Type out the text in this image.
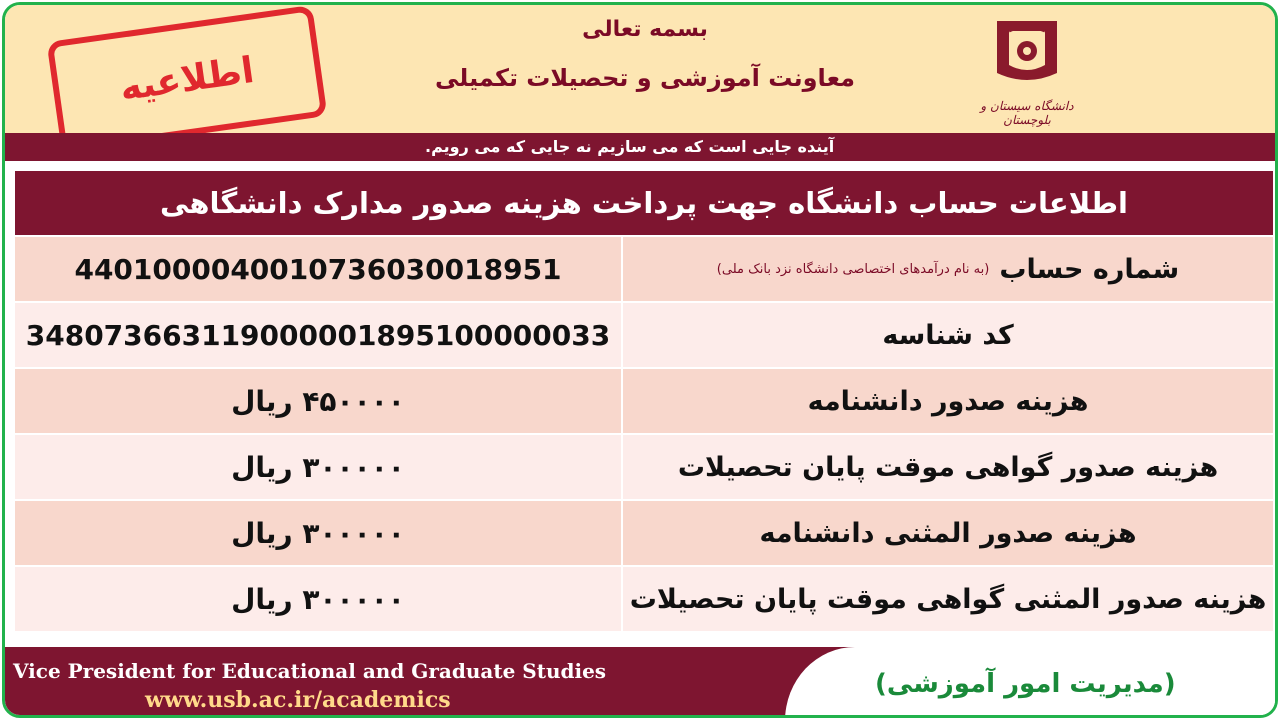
اطلاعیه
بسمه تعالی
معاونت آموزشی و تحصیلات تکمیلی
دانشگاه سیستان و بلوچستان
آینده جایی است که می سازیم نه جایی که می رویم.
اطلاعات حساب دانشگاه جهت پرداخت هزینه صدور مدارک دانشگاهی
4401000040010736030018951	شماره حساب
(به نام درآمدهای اختصاصی دانشگاه نزد بانک ملی)
348073663119000001895100000033	کد شناسه
۴۵۰۰۰۰ ریال	هزینه صدور دانشنامه
۳۰۰۰۰۰ ریال	هزینه صدور گواهی موقت پایان تحصیلات
۳۰۰۰۰۰ ریال	هزینه صدور المثنی دانشنامه
۳۰۰۰۰۰ ریال	هزینه صدور المثنی گواهی موقت پایان تحصیلات
Vice President for Educational and Graduate Studies
www.usb.ac.ir/academics
(مدیریت امور آموزشی)
